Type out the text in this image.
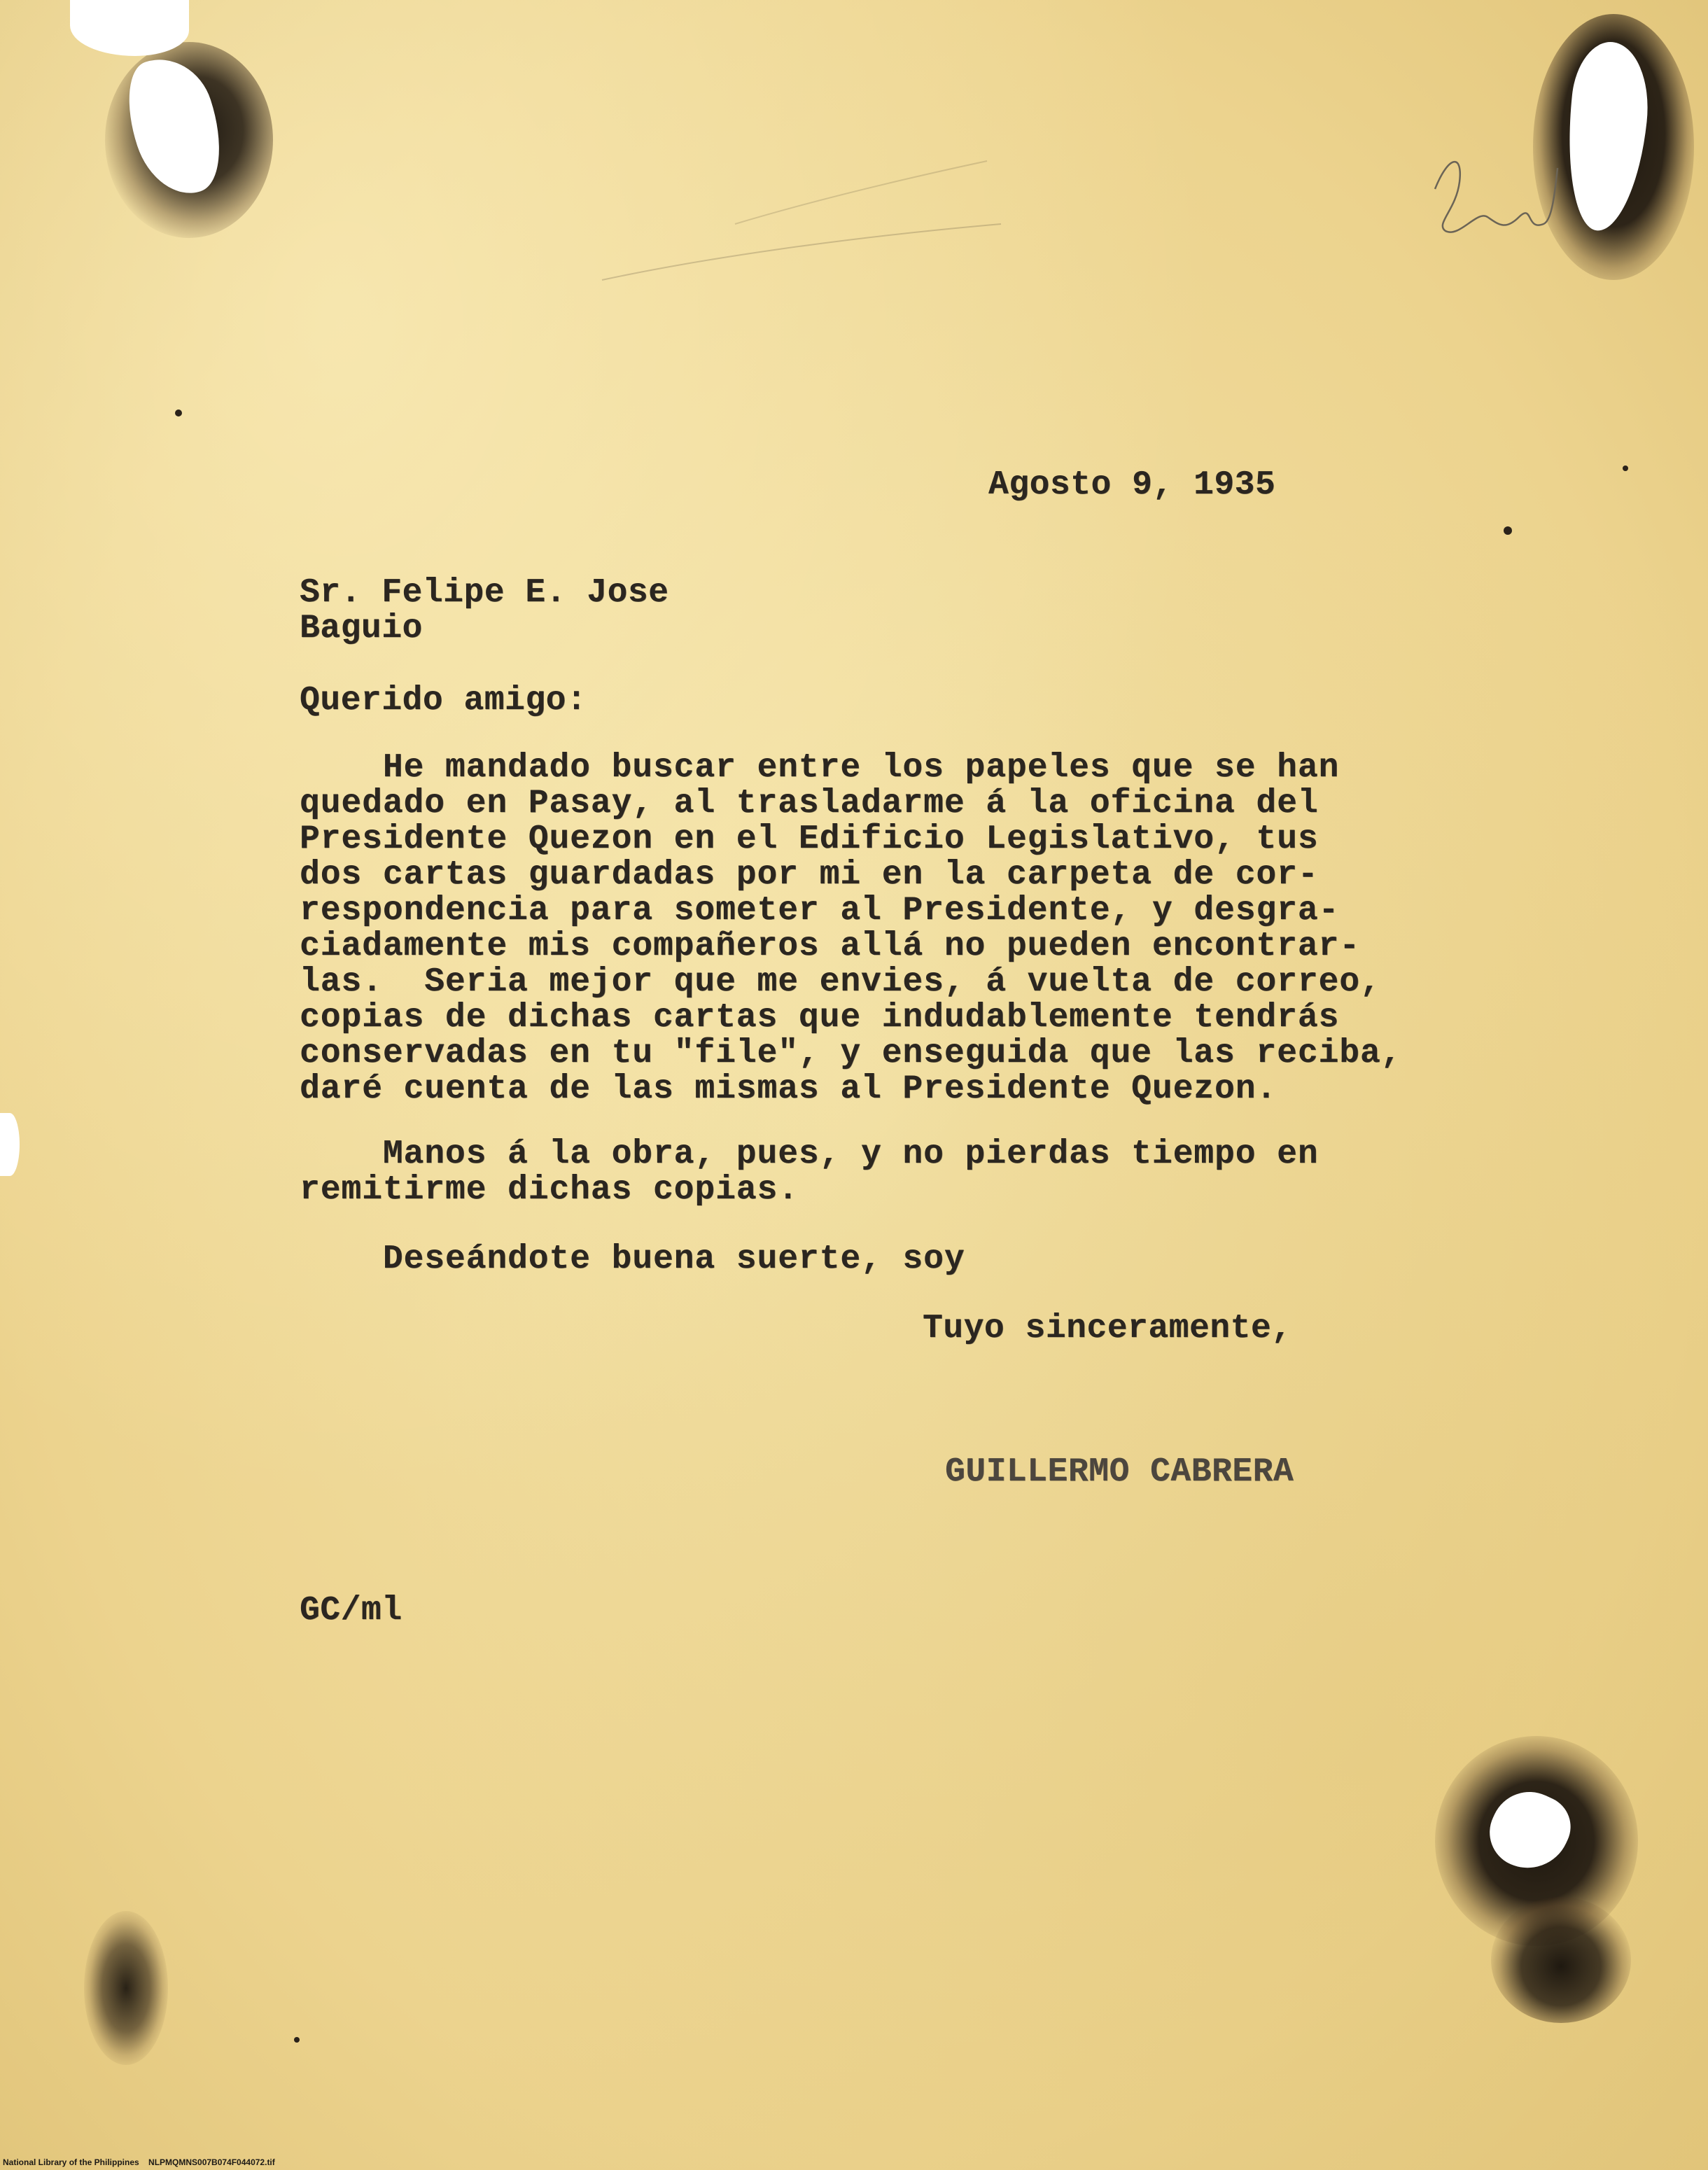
Agosto 9, 1935

Sr. Felipe E. Jose

Baguio

Querido amigo:

He mandado buscar entre los papeles que se han

quedado en Pasay, al trasladarme á la oficina del

Presidente Quezon en el Edificio Legislativo, tus

dos cartas guardadas por mi en la carpeta de cor-

respondencia para someter al Presidente, y desgra-

ciadamente mis compañeros allá no pueden encontrar-

las.  Seria mejor que me envies, á vuelta de correo,

copias de dichas cartas que indudablemente tendrás

conservadas en tu "file", y enseguida que las reciba,

daré cuenta de las mismas al Presidente Quezon.

Manos á la obra, pues, y no pierdas tiempo en

remitirme dichas copias.

Deseándote buena suerte, soy

Tuyo sinceramente,

GUILLERMO CABRERA

GC/ml

National Library of the Philippines    NLPMQMNS007B074F044072.tif
